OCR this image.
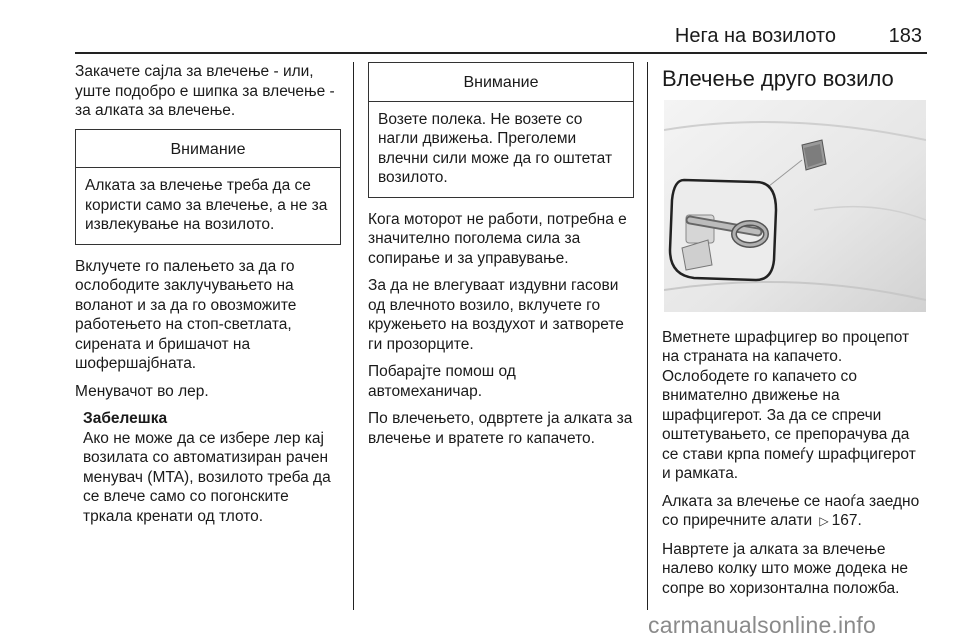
Нега на возилото	183

Закачете сајла за влечење - или, уште подобро е шипка за влечење - за алката за влечење.

Внимание
Алката за влечење треба да се користи само за влечење, а не за извлекување на возилото.

Вклучете го палењето за да го ослободите заклучувањето на воланот и за да го овозможите работењето на стоп-светлата, сирената и бришачот на шофершајбната.

Менувачот во лер.

Забелешка
Ако не може да се избере лер кај возилата со автоматизиран рачен менувач (MTA), возилото треба да се влече само со погонските тркала кренати од тлото.
Внимание
Возете полека. Не возете со нагли движења. Преголеми влечни сили може да го оштетат возилото.

Кога моторот не работи, потребна е значително поголема сила за сопирање и за управување.

За да не влегуваат издувни гасови од влечното возило, вклучете го кружењето на воздухот и затворете ги прозорците.

Побарајте помош од автомеханичар.

По влечењето, одвртете ја алката за влечење и вратете го капачето.

Влечење друго возило

Вметнете шрафцигер во процепот на страната на капачето. Ослободете го капачето со внимателно движење на шрафцигерот. За да се спречи оштетувањето, се препорачува да се стави крпа помеѓу шрафцигерот и рамката.

Алката за влечење се наоѓа заедно со приречните алати ▷ 167.

Навртете ја алката за влечење налево колку што може додека не сопре во хоризонтална положба.

carmanualsonline.info
